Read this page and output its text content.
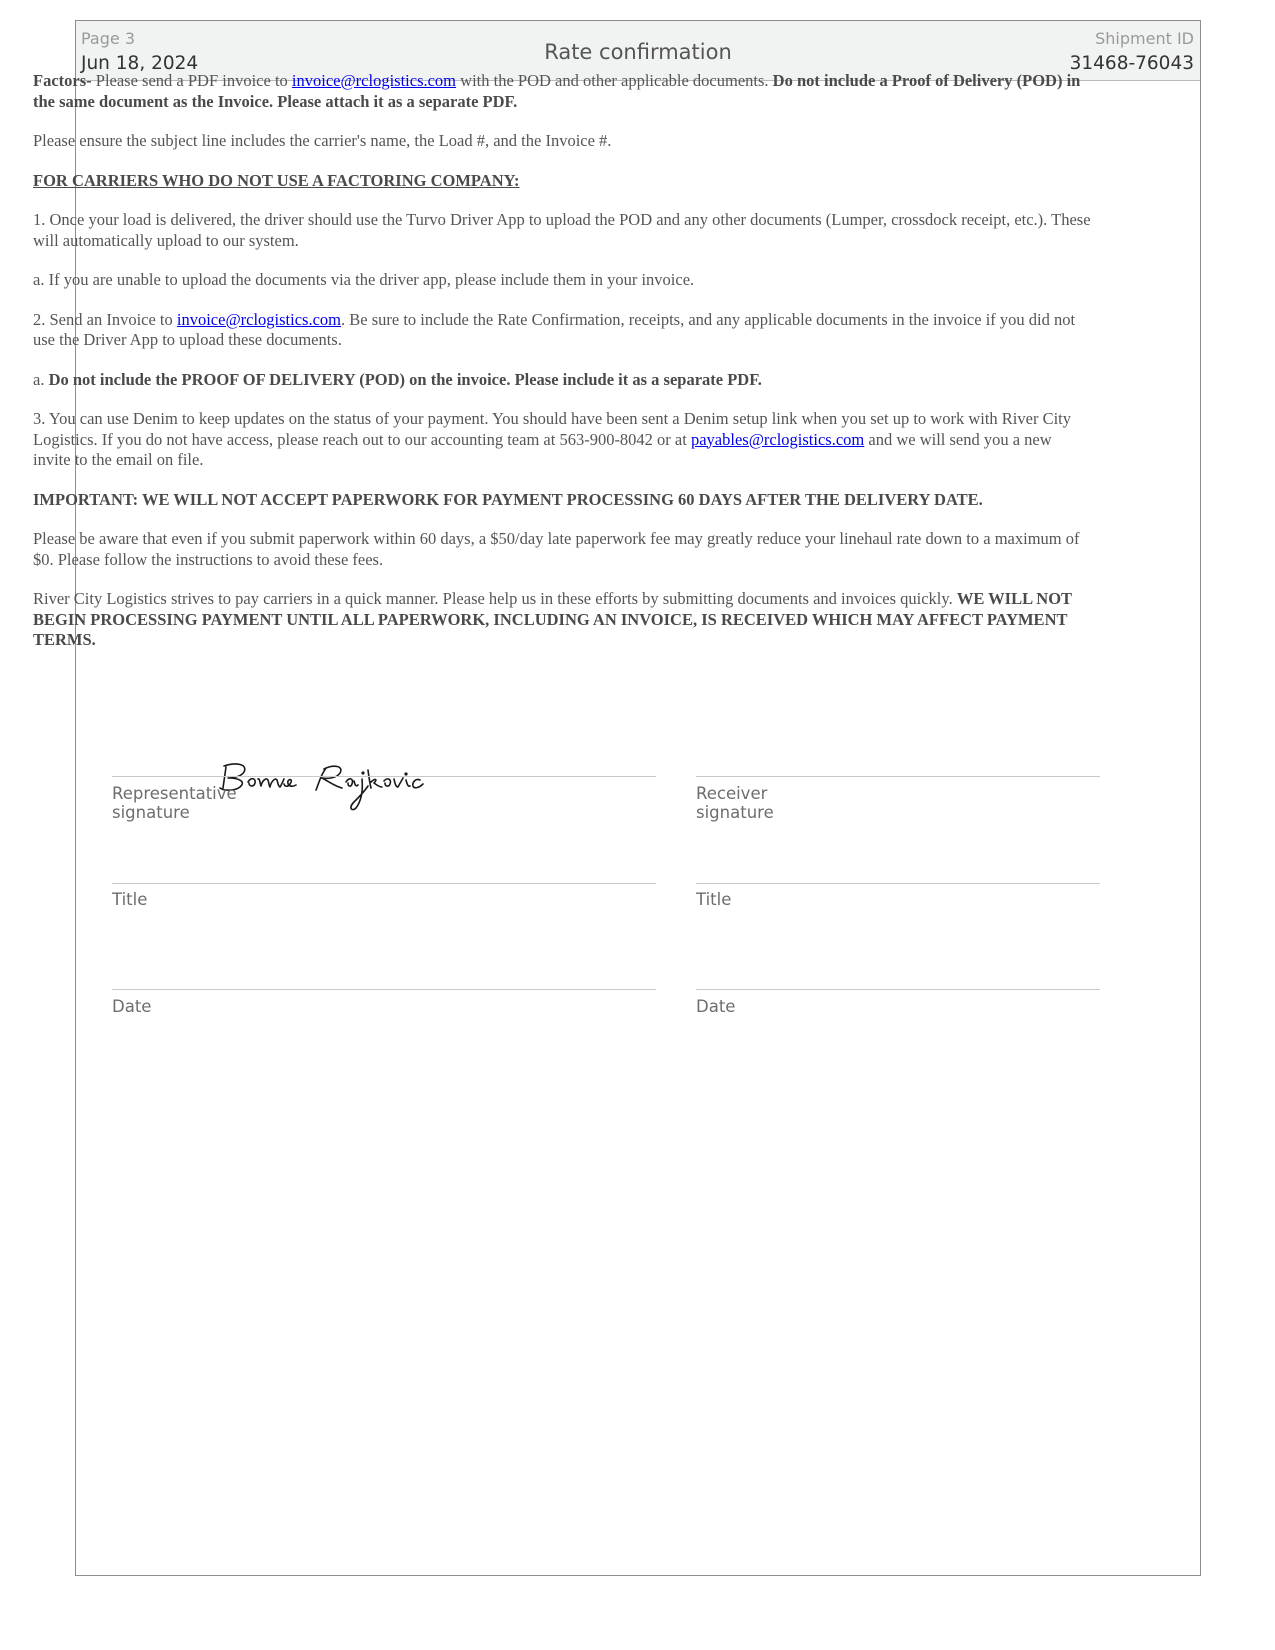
Page 3
Jun 18, 2024	Rate confirmation
Shipment ID
31468-76043

Factors- Please send a PDF invoice to invoice@rclogistics.com with the POD and other applicable documents. Do not include a Proof of Delivery (POD) in the same document as the Invoice. Please attach it as a separate PDF.

Please ensure the subject line includes the carrier's name, the Load #, and the Invoice #.

FOR CARRIERS WHO DO NOT USE A FACTORING COMPANY:

1. Once your load is delivered, the driver should use the Turvo Driver App to upload the POD and any other documents (Lumper, crossdock receipt, etc.). These will automatically upload to our system.

a. If you are unable to upload the documents via the driver app, please include them in your invoice.

2. Send an Invoice to invoice@rclogistics.com. Be sure to include the Rate Confirmation, receipts, and any applicable documents in the invoice if you did not use the Driver App to upload these documents.

a. Do not include the PROOF OF DELIVERY (POD) on the invoice. Please include it as a separate PDF.

3. You can use Denim to keep updates on the status of your payment. You should have been sent a Denim setup link when you set up to work with River City Logistics. If you do not have access, please reach out to our accounting team at 563-900-8042 or at payables@rclogistics.com and we will send you a new invite to the email on file.

IMPORTANT: WE WILL NOT ACCEPT PAPERWORK FOR PAYMENT PROCESSING 60 DAYS AFTER THE DELIVERY DATE.

Please be aware that even if you submit paperwork within 60 days, a $50/day late paperwork fee may greatly reduce your linehaul rate down to a maximum of $0. Please follow the instructions to avoid these fees.

River City Logistics strives to pay carriers in a quick manner. Please help us in these efforts by submitting documents and invoices quickly. WE WILL NOT BEGIN PROCESSING PAYMENT UNTIL ALL PAPERWORK, INCLUDING AN INVOICE, IS RECEIVED WHICH MAY AFFECT PAYMENT TERMS.

Representative signature
Title
Date
Receiver signature
Title
Date
